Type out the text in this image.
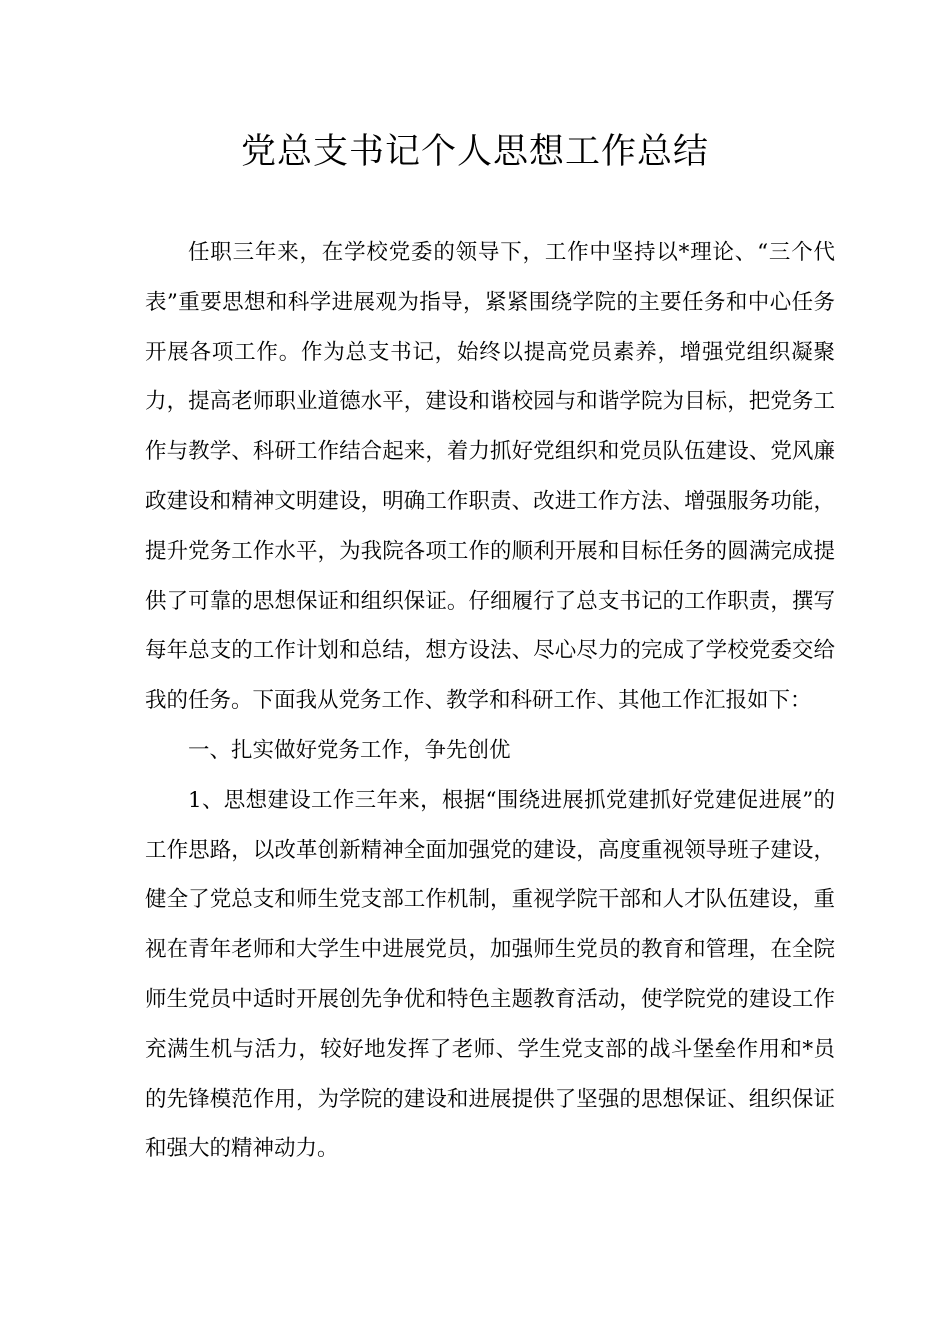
党总支书记个人思想工作总结

任职三年来，在学校党委的领导下，工作中坚持以*理论、“三个代表”重要思想和科学进展观为指导，紧紧围绕学院的主要任务和中心任务开展各项工作。作为总支书记，始终以提高党员素养，增强党组织凝聚力，提高老师职业道德水平，建设和谐校园与和谐学院为目标，把党务工作与教学、科研工作结合起来，着力抓好党组织和党员队伍建设、党风廉政建设和精神文明建设，明确工作职责、改进工作方法、增强服务功能，提升党务工作水平，为我院各项工作的顺利开展和目标任务的圆满完成提供了可靠的思想保证和组织保证。仔细履行了总支书记的工作职责，撰写每年总支的工作计划和总结，想方设法、尽心尽力的完成了学校党委交给我的任务。下面我从党务工作、教学和科研工作、其他工作汇报如下：

一、扎实做好党务工作，争先创优

1、思想建设工作三年来，根据“围绕进展抓党建抓好党建促进展”的工作思路，以改革创新精神全面加强党的建设，高度重视领导班子建设，健全了党总支和师生党支部工作机制，重视学院干部和人才队伍建设，重视在青年老师和大学生中进展党员，加强师生党员的教育和管理，在全院师生党员中适时开展创先争优和特色主题教育活动，使学院党的建设工作充满生机与活力，较好地发挥了老师、学生党支部的战斗堡垒作用和*员的先锋模范作用，为学院的建设和进展提供了坚强的思想保证、组织保证和强大的精神动力。
